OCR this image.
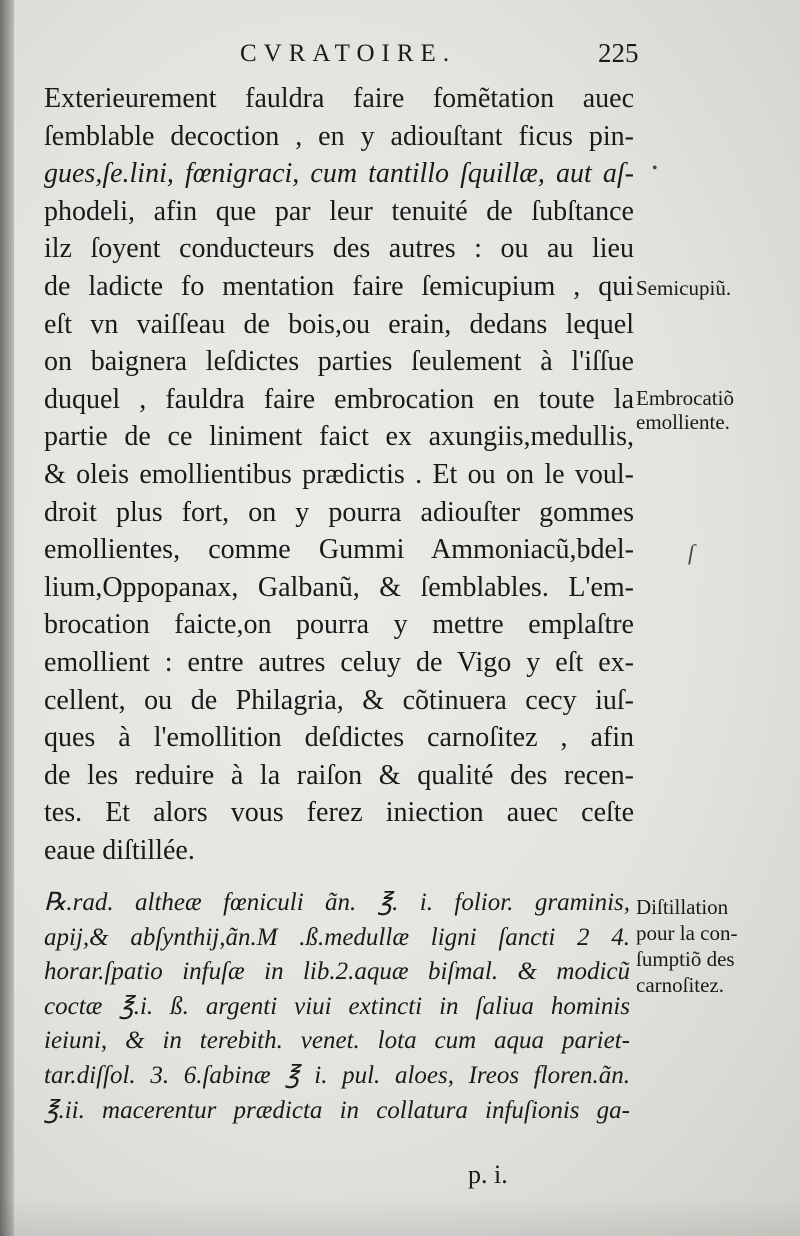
CVRATOIRE.	225
Exterieurement fauldra faire fomẽtation auec
ſemblable decoction , en y adiouſtant ficus pin-
gues,ſe.lini, fœnigraci, cum tantillo ſquillæ, aut aſ-
phodeli, afin que par leur tenuité de ſubſtance
ilz ſoyent conducteurs des autres : ou au lieu
de ladicte fo mentation faire ſemicupium , qui
eſt vn vaiſſeau de bois,ou erain, dedans lequel
on baignera leſdictes parties ſeulement à l'iſſue
duquel , fauldra faire embrocation en toute la
partie de ce liniment faict ex axungiis,medullis,
& oleis emollientibus prædictis . Et ou on le voul-
droit plus fort, on y pourra adiouſter gommes
emollientes, comme Gummi Ammoniacũ,bdel-
lium,Oppopanax, Galbanũ, & ſemblables. L'em-
brocation faicte,on pourra y mettre emplaſtre
emollient : entre autres celuy de Vigo y eſt ex-
cellent, ou de Philagria, & cõtinuera cecy iuſ-
ques à l'emollition deſdictes carnoſitez , afin
de les reduire à la raiſon & qualité des recen-
tes. Et alors vous ferez iniection auec ceſte
eaue diſtillée.
℞.rad. altheæ fœniculi ãn. ℥. i. folior. graminis,
apij,& abſynthij,ãn.M .ß.medullæ ligni ſancti 2 4.
horar.ſpatio infuſæ in lib.2.aquæ biſmal. & modicũ
coctæ ℥.i. ß. argenti viui extincti in ſaliua hominis
ieiuni, & in terebith. venet. lota cum aqua pariet-
tar.diſſol. 3. 6.ſabinæ ℥ i. pul. aloes, Ireos floren.ãn.
℥.ii. macerentur prædicta in collatura infuſionis ga-
Semicupiũ.
Embrocatiõ
emolliente.
Diſtillation
pour la con-
ſumptiõ des
carnoſitez.
p. i.
•
ſ
